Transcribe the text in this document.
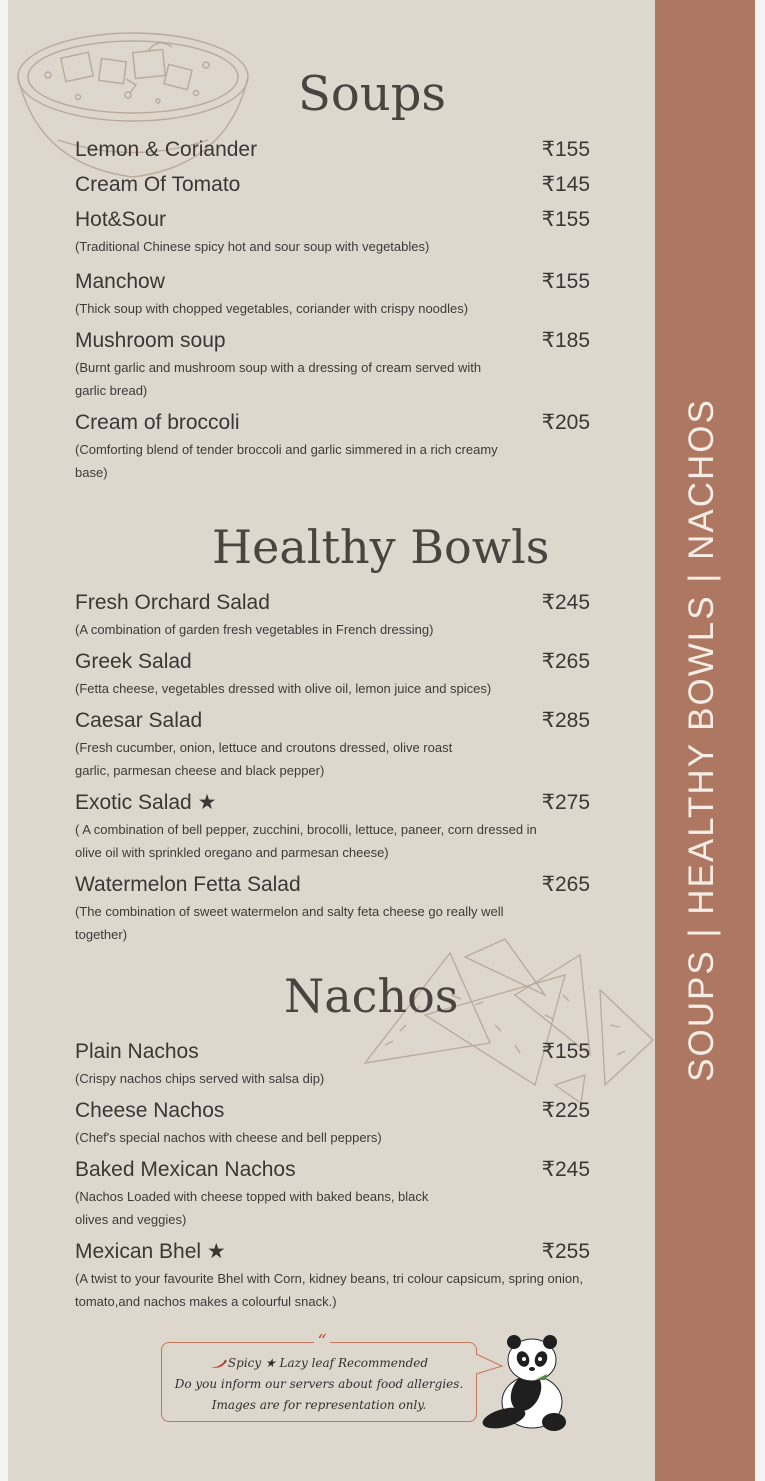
SOUPS | HEALTHY BOWLS | NACHOS
Soups
Lemon & Coriander	₹155
Cream Of Tomato	₹145
Hot&Sour	₹155
(Traditional Chinese spicy hot and sour soup with vegetables)
Manchow	₹155
(Thick soup with chopped vegetables, coriander with crispy noodles)
Mushroom soup	₹185
(Burnt garlic and mushroom soup with a dressing of cream served with garlic bread)
Cream of broccoli	₹205
(Comforting blend of tender broccoli and garlic simmered in a rich creamy base)
Healthy Bowls
Fresh Orchard Salad	₹245
(A combination of garden fresh vegetables in French dressing)
Greek Salad	₹265
(Fetta cheese, vegetables dressed with olive oil, lemon juice and spices)
Caesar Salad	₹285
(Fresh cucumber, onion, lettuce and croutons dressed, olive roast garlic, parmesan cheese and black pepper)
Exotic Salad ★	₹275
( A combination of bell pepper, zucchini, brocolli, lettuce, paneer, corn dressed in olive oil with sprinkled oregano and parmesan cheese)
Watermelon Fetta Salad	₹265
(The combination of sweet watermelon and salty feta cheese go really well together)
Nachos
Plain Nachos	₹155
(Crispy nachos chips served with salsa dip)
Cheese Nachos	₹225
(Chef's special nachos with cheese and bell peppers)
Baked Mexican Nachos	₹245
(Nachos Loaded with cheese topped with baked beans, black olives and veggies)
Mexican Bhel ★	₹255
(A twist to your favourite Bhel with Corn, kidney beans, tri colour capsicum, spring onion, tomato,and nachos makes a colourful snack.)
“
Spicy ★ Lazy leaf Recommended
Do you inform our servers about food allergies.
Images are for representation only.
